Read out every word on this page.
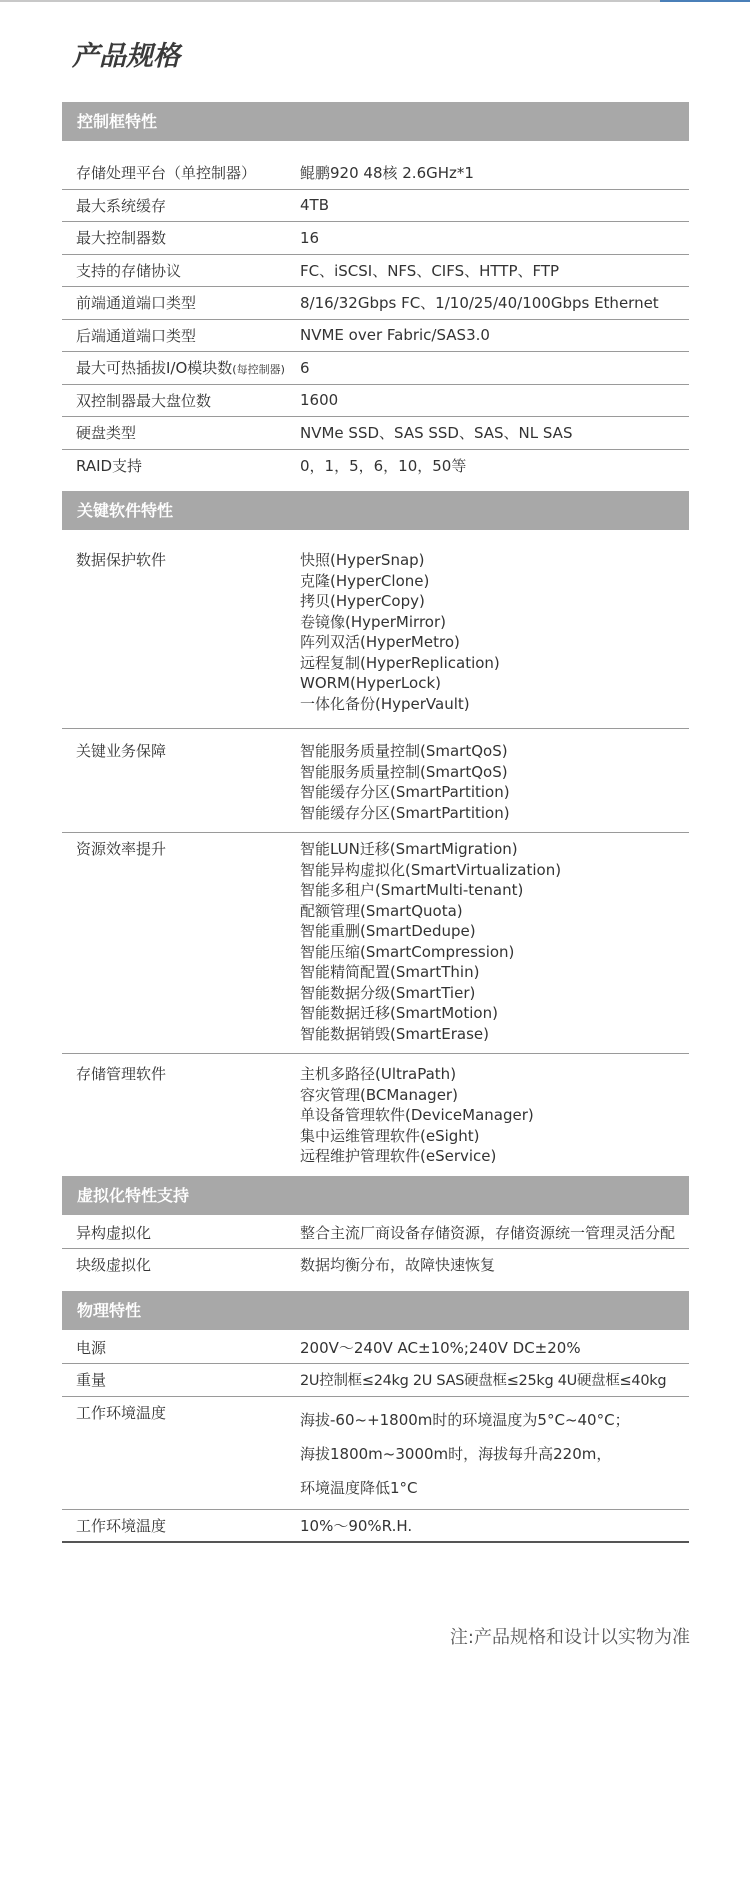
产品规格
控制框特性
存储处理平台（单控制器）	鲲鹏920 48核 2.6GHz*1
最大系统缓存	4TB
最大控制器数	16
支持的存储协议	FC、iSCSI、NFS、CIFS、HTTP、FTP
前端通道端口类型	8/16/32Gbps FC、1/10/25/40/100Gbps Ethernet
后端通道端口类型	NVME over Fabric/SAS3.0
最大可热插拔I/O模块数(每控制器)	6
双控制器最大盘位数	1600
硬盘类型	NVMe SSD、SAS SSD、SAS、NL SAS
RAID支持	0，1，5，6，10，50等
关键软件特性
数据保护软件	快照(HyperSnap)
克隆(HyperClone)
拷贝(HyperCopy)
卷镜像(HyperMirror)
阵列双活(HyperMetro)
远程复制(HyperReplication)
WORM(HyperLock)
一体化备份(HyperVault)
关键业务保障	智能服务质量控制(SmartQoS)
智能服务质量控制(SmartQoS)
智能缓存分区(SmartPartition)
智能缓存分区(SmartPartition)
资源效率提升	智能LUN迁移(SmartMigration)
智能异构虚拟化(SmartVirtualization)
智能多租户(SmartMulti-tenant)
配额管理(SmartQuota)
智能重删(SmartDedupe)
智能压缩(SmartCompression)
智能精简配置(SmartThin)
智能数据分级(SmartTier)
智能数据迁移(SmartMotion)
智能数据销毁(SmartErase)
存储管理软件	主机多路径(UltraPath)
容灾管理(BCManager)
单设备管理软件(DeviceManager)
集中运维管理软件(eSight)
远程维护管理软件(eService)
虚拟化特性支持
异构虚拟化	整合主流厂商设备存储资源，存储资源统一管理灵活分配
块级虚拟化	数据均衡分布，故障快速恢复
物理特性
电源	200V～240V AC±10%;240V DC±20%
重量	2U控制框≤24kg 2U SAS硬盘框≤25kg 4U硬盘框≤40kg
工作环境温度	海拔-60~+1800m时的环境温度为5°C~40°C；
海拔1800m~3000m时，海拔每升高220m，
环境温度降低1°C
工作环境温度	10%～90%R.H.
注:产品规格和设计以实物为准
